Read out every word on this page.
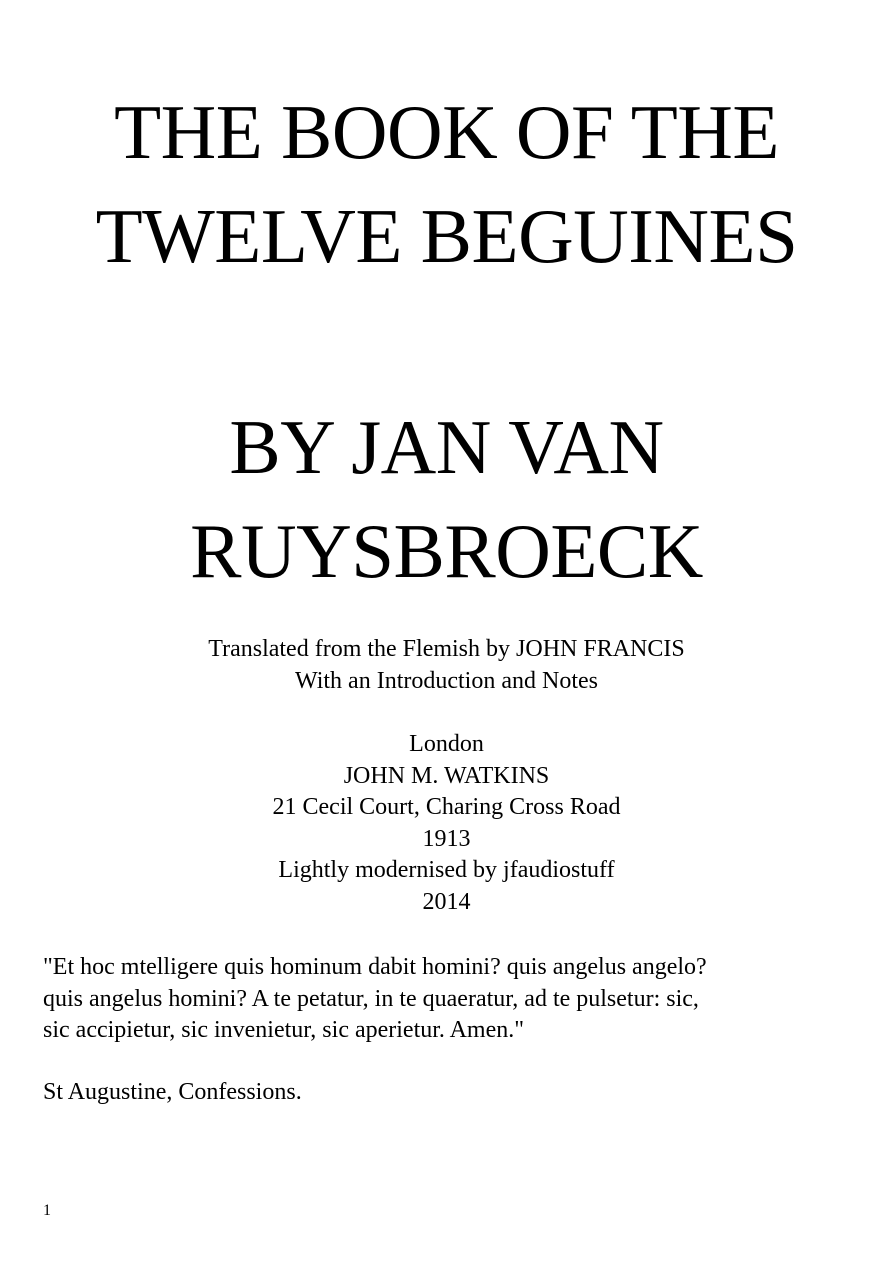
THE BOOK OF THE
TWELVE BEGUINES
BY JAN VAN
RUYSBROECK
Translated from the Flemish by JOHN FRANCIS
With an Introduction and Notes
London
JOHN M. WATKINS
21 Cecil Court, Charing Cross Road
1913
Lightly modernised by jfaudiostuff
2014
"Et hoc mtelligere quis hominum dabit homini? quis angelus angelo?
quis angelus homini? A te petatur, in te quaeratur, ad te pulsetur: sic,
sic accipietur, sic invenietur, sic aperietur. Amen."
St Augustine, Confessions.
1
